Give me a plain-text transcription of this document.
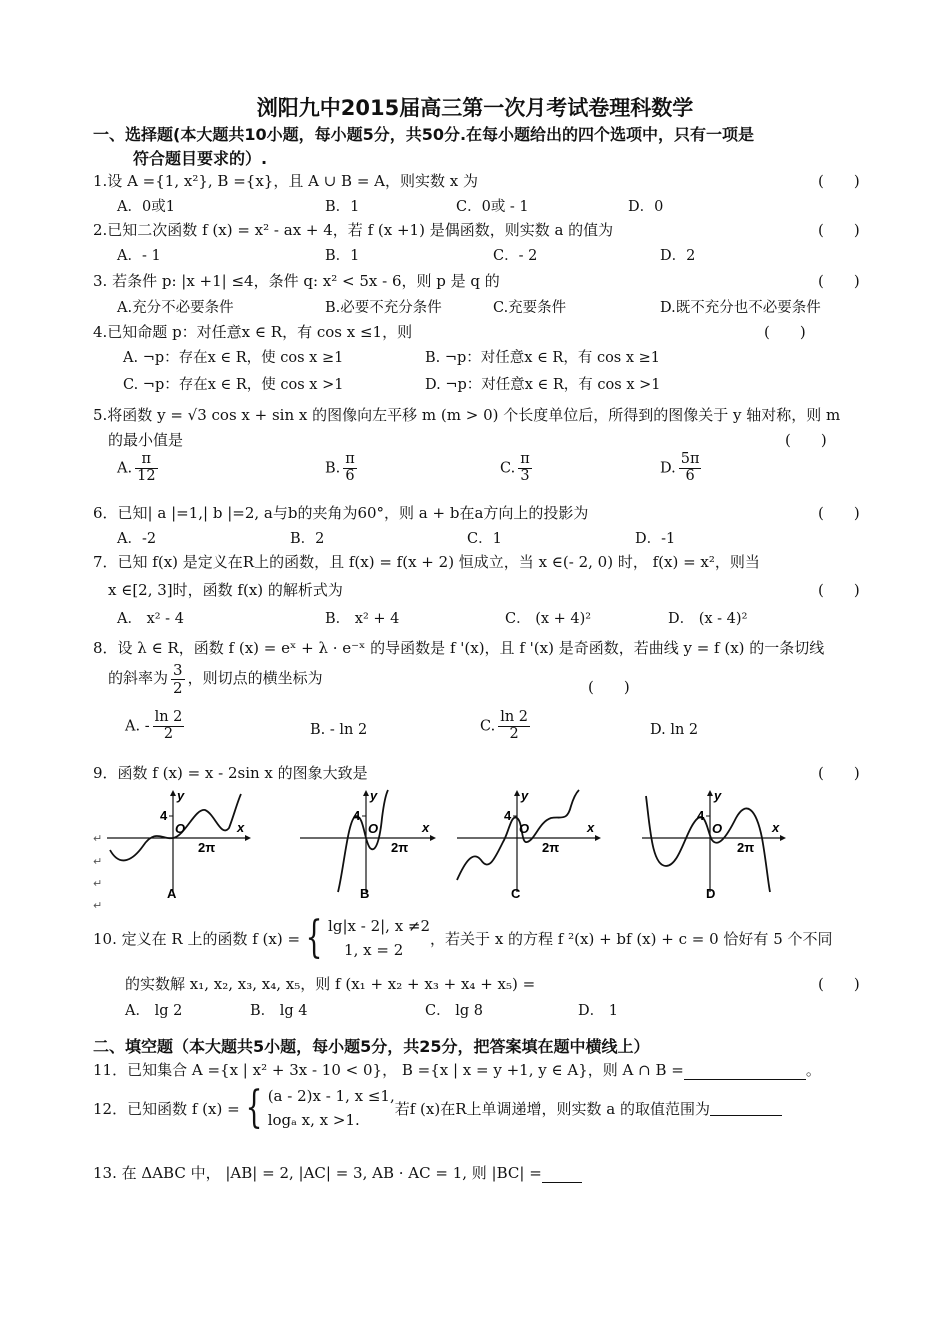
浏阳九中2015届高三第一次月考试卷理科数学
一、选择题(本大题共10小题，每小题5分，共50分.在每小题给出的四个选项中，只有一项是
符合题目要求的）.
1.设 A ={1, x²}, B ={x}，且 A ∪ B = A，则实数 x 为	(　　)
A．0或1	B．1	C．0或 - 1	D．0
2.已知二次函数 f (x) = x² - ax + 4，若 f (x +1) 是偶函数，则实数 a 的值为	(　　)
A．- 1	B．1	C．- 2	D．2
3. 若条件 p: |x +1| ≤4，条件 q: x² < 5x - 6，则 p 是 q 的	(　　)
A.充分不必要条件	B.必要不充分条件	C.充要条件	D.既不充分也不必要条件
4.已知命题 p：对任意x ∈ R，有 cos x ≤1，则	(　　)
A. ¬p：存在x ∈ R，使 cos x ≥1	B. ¬p：对任意x ∈ R，有 cos x ≥1
C. ¬p：存在x ∈ R，使 cos x >1	D. ¬p：对任意x ∈ R，有 cos x >1
5.将函数 y = √3 cos x + sin x 的图像向左平移 m (m > 0) 个长度单位后，所得到的图像关于 y 轴对称，则 m
的最小值是	(　　)
A. $\frac{\pi}{12}$	B. $\frac{\pi}{6}$	C. $\frac{\pi}{3}$	D. $\frac{5\pi}{6}$
6．已知| a |=1,| b |=2, a与b的夹角为60°，则 a + b在a方向上的投影为	(　　)
A．-2	B．2	C．1	D．-1
7．已知 f(x) 是定义在R上的函数，且 f(x) = f(x + 2) 恒成立，当 x ∈(- 2, 0) 时， f(x) = x²，则当
x ∈[2, 3]时，函数 f(x) 的解析式为	(　　)
A． x² - 4	B． x² + 4	C． (x + 4)²	D． (x - 4)²
8．设 λ ∈ R，函数 f (x) = eˣ + λ · e⁻ˣ 的导函数是 f '(x)，且 f '(x) 是奇函数，若曲线 y = f (x) 的一条切线
的斜率为 $\frac{3}{2}$ ，则切点的横坐标为	(　　)
A. - $\frac{\ln 2}{2}$	B. - ln 2	C. $\frac{\ln 2}{2}$	D. ln 2
9．函数 f (x) = x - 2sin x 的图象大致是	(　　)
↵
↵
↵
↵
4
O
2π
x
y
A
4
O
2π
x
y
B
4
O
2π
x
y
C
4
O
2π
x
y
D
10. 定义在 R 上的函数 f (x) = { lg|x - 2|, x ≠2
1, x = 2
，若关于 x 的方程 f ²(x) + bf (x) + c = 0 恰好有 5 个不同
的实数解 x₁, x₂, x₃, x₄, x₅，则 f (x₁ + x₂ + x₃ + x₄ + x₅) =	(　　)
A． lg 2	B． lg 4	C． lg 8	D． 1
二、填空题（本大题共5小题，每小题5分，共25分，把答案填在题中横线上）
11．已知集合 A ={x | x² + 3x - 10 < 0}， B ={x | x = y +1, y ∈ A}，则 A ∩ B =	。
12．已知函数 f (x) = { (a - 2)x - 1, x ≤1,
logₐ x, x >1.
若f (x)在R上单调递增，则实数 a 的取值范围为
13. 在 ΔABC 中， |AB| = 2, |AC| = 3, AB · AC = 1, 则 |BC| =
